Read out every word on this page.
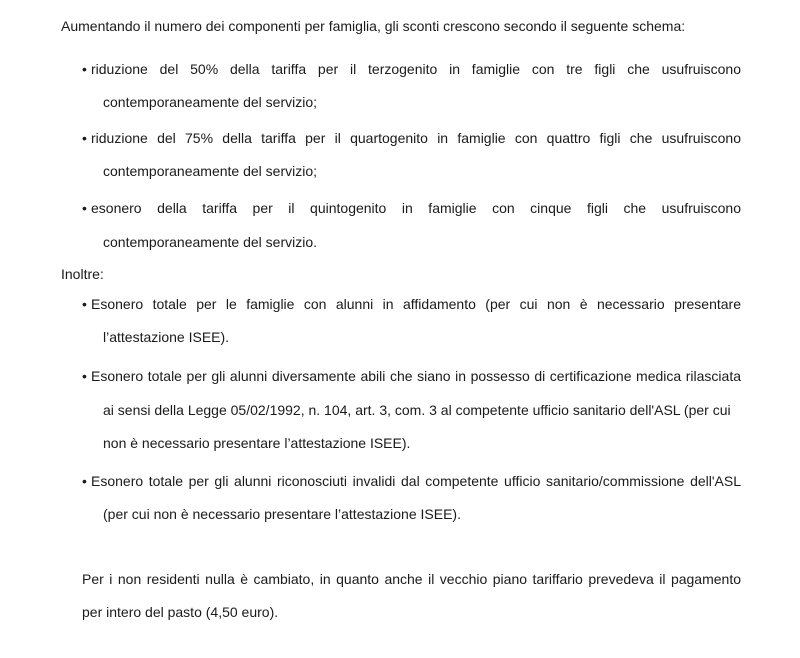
Aumentando il numero dei componenti per famiglia, gli sconti crescono secondo il seguente schema:
• riduzione del 50% della tariffa per il terzogenito in famiglie con tre figli che usufruiscono
contemporaneamente del servizio;
• riduzione del 75% della tariffa per il quartogenito in famiglie con quattro figli che usufruiscono
contemporaneamente del servizio;
• esonero della tariffa per il quintogenito in famiglie con cinque figli che usufruiscono
contemporaneamente del servizio.
Inoltre:
• Esonero totale per le famiglie con alunni in affidamento (per cui non è necessario presentare
l’attestazione ISEE).
• Esonero totale per gli alunni diversamente abili che siano in possesso di certificazione medica rilasciata
ai sensi della Legge 05/02/1992, n. 104, art. 3, com. 3 al competente ufficio sanitario dell'ASL (per cui
non è necessario presentare l’attestazione ISEE).
• Esonero totale per gli alunni riconosciuti invalidi dal competente ufficio sanitario/commissione dell'ASL
(per cui non è necessario presentare l’attestazione ISEE).
Per i non residenti nulla è cambiato, in quanto anche il vecchio piano tariffario prevedeva il pagamento
per intero del pasto (4,50 euro).
